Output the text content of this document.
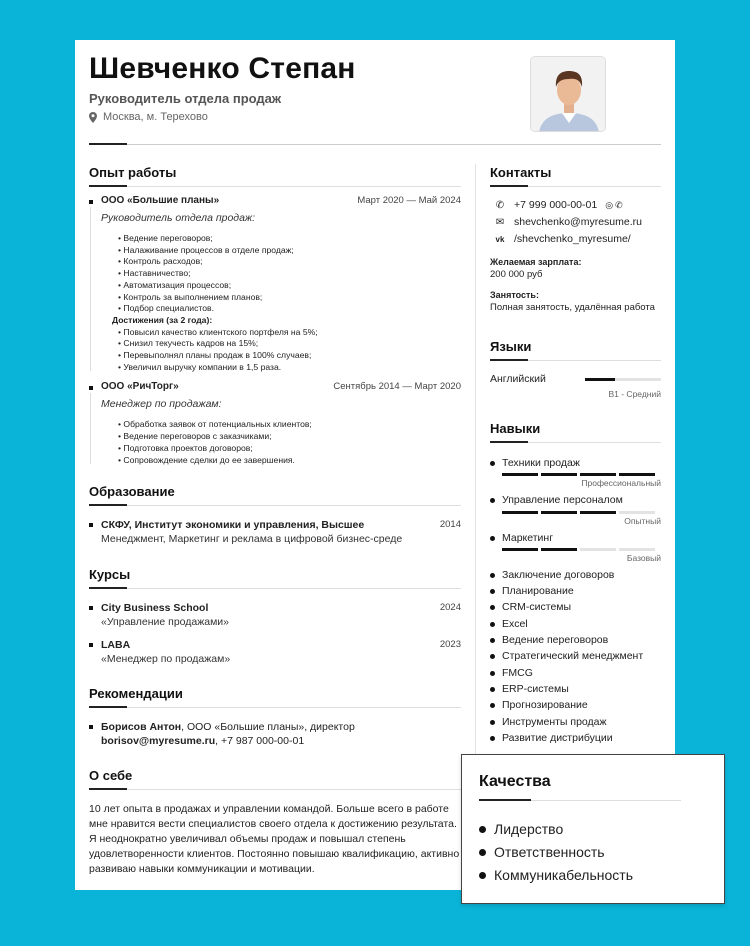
Шевченко Степан
Руководитель отдела продаж
Москва, м. Терехово
Опыт работы
ООО «Большие планы»	Март 2020 — Май 2024
Руководитель отдела продаж:
• Ведение переговоров;
• Налаживание процессов в отделе продаж;
• Контроль расходов;
• Наставничество;
• Автоматизация процессов;
• Контроль за выполнением планов;
• Подбор специалистов.
Достижения (за 2 года):
• Повысил качество клиентского портфеля на 5%;
• Снизил текучесть кадров на 15%;
• Перевыполнял планы продаж в 100% случаев;
• Увеличил выручку компании в 1,5 раза.
ООО «РичТорг»	Сентябрь 2014 — Март 2020
Менеджер по продажам:
• Обработка заявок от потенциальных клиентов;
• Ведение переговоров с заказчиками;
• Подготовка проектов договоров;
• Сопровождение сделки до ее завершения.
Образование
СКФУ, Институт экономики и управления, Высшее	2014
Менеджмент, Маркетинг и реклама в цифровой бизнес-среде
Курсы
City Business School	2024
«Управление продажами»
LABA	2023
«Менеджер по продажам»
Рекомендации
Борисов Антон, ООО «Большие планы», директор
borisov@myresume.ru, +7 987 000-00-01
О себе
10 лет опыта в продажах и управлении командой. Больше всего в работе мне нравится вести специалистов своего отдела к достижению результата. Я неоднократно увеличивал объемы продаж и повышал степень удовлетворенности клиентов. Постоянно повышаю квалификацию, активно развиваю навыки коммуникации и мотивации.
Контакты
✆ +7 999 000-00-01 ◎ ✆
✉ shevchenko@myresume.ru
vk /shevchenko_myresume/
Желаемая зарплата:
200 000 руб
Занятость:
Полная занятость, удалённая работа
Языки
Английский
B1 - Средний
Навыки
Техники продаж
Профессиональный
Управление персоналом
Опытный
Маркетинг
Базовый
Заключение договоров
Планирование
CRM-системы
Excel
Ведение переговоров
Стратегический менеджмент
FMCG
ERP-системы
Прогнозирование
Инструменты продаж
Развитие дистрибуции
Качества
Лидерство
Ответственность
Коммуникабельность
